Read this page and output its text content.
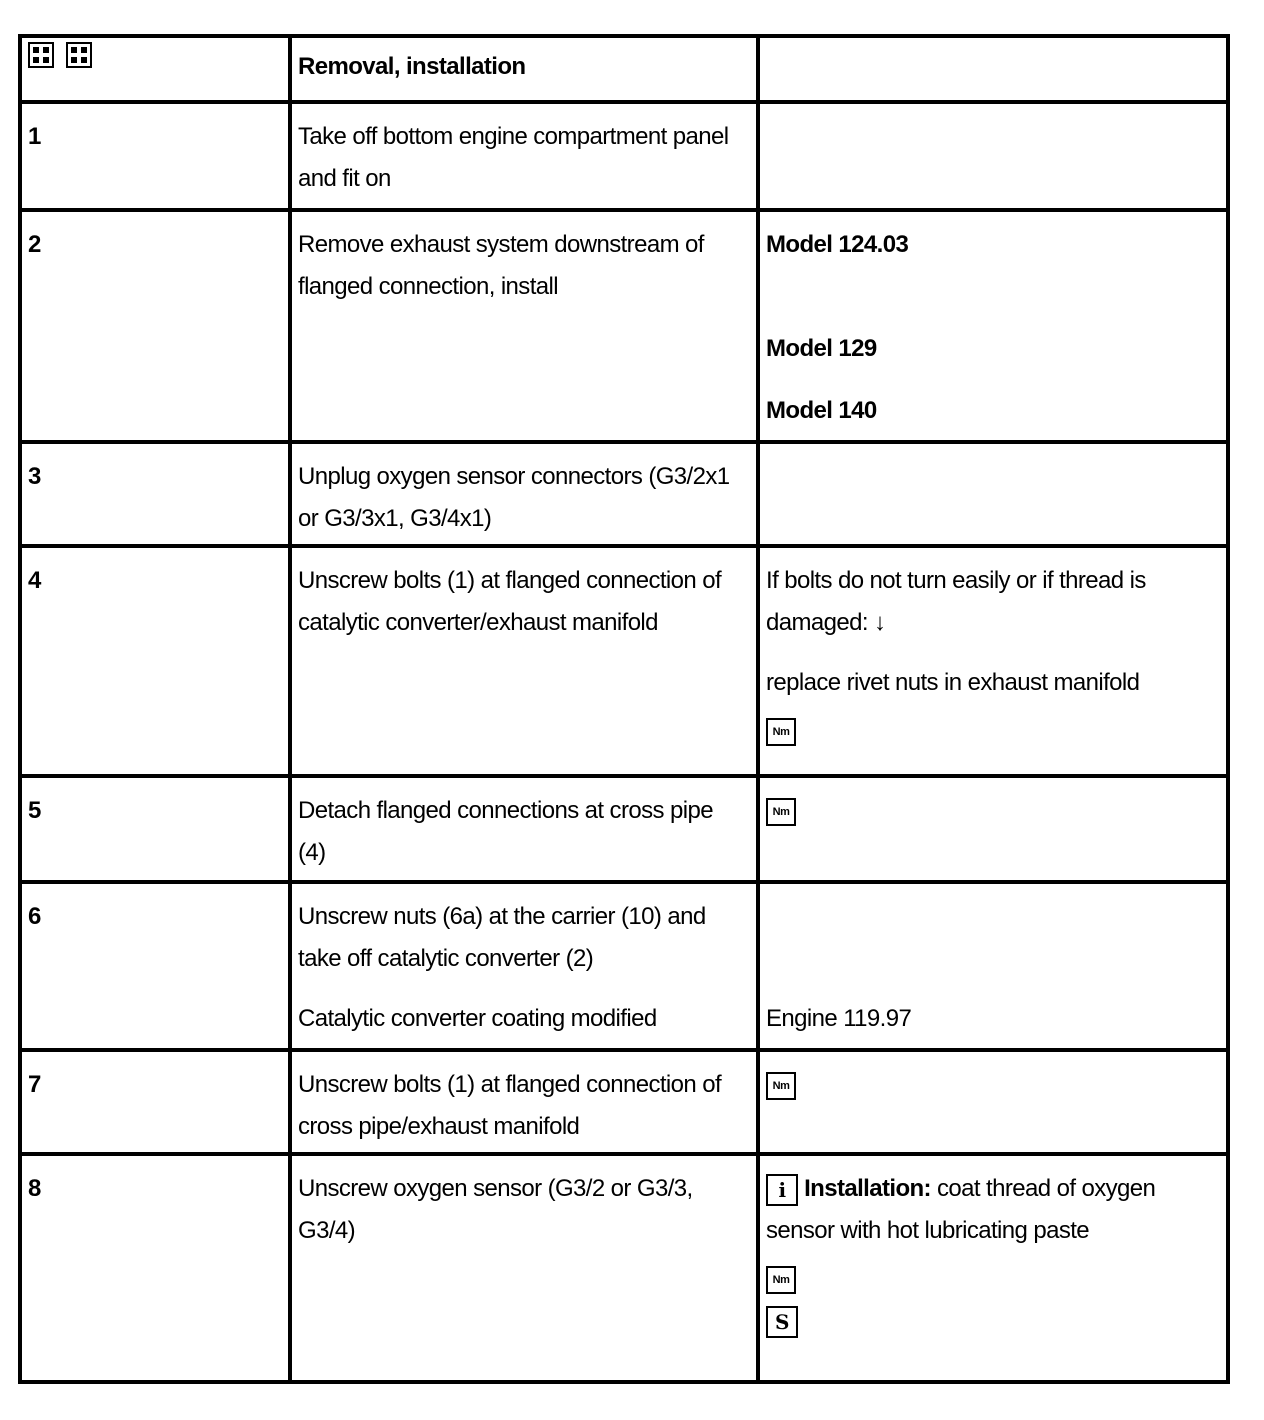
	Removal, installation	
1	Take off bottom engine compartment panel
and fit on	

2	Remove exhaust system downstream of
flanged connection, install	Model 124.03
Model 129
Model 140

3	Unplug oxygen sensor connectors (G3/2x1
or G3/3x1, G3/4x1)	

4	Unscrew bolts (1) at flanged connection of
catalytic converter/exhaust manifold	If bolts do not turn easily or if thread is
damaged: ↓
replace rivet nuts in exhaust manifold
Nm

5	Detach flanged connections at cross pipe
(4)	Nm
6	Unscrew nuts (6a) at the carrier (10) and
take off catalytic converter (2)
Catalytic converter coating modified	Engine 119.97

7	Unscrew bolts (1) at flanged connection of
cross pipe/exhaust manifold	Nm
8	Unscrew oxygen sensor (G3/2 or G3/3,
G3/4)	i Installation: coat thread of oxygen
sensor with hot lubricating paste
Nm
S
